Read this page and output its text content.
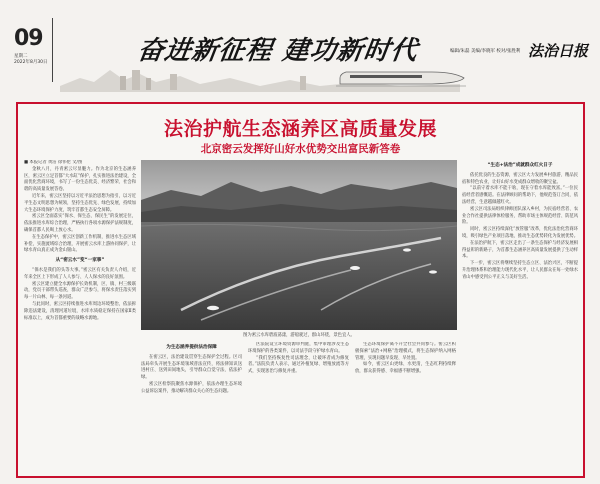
09
星期二
2022年8月30日	奋进新征程 建功新时代	编辑/朱磊 美编/李晓军 校对/张胜利 法治日报
法治护航生态涵养区高质量发展
北京密云发挥好山好水优势交出富民新答卷

■ 本报记者 黄洁 徐伟伦 文/图

金秋八月，丹青密云尽显魅力。作为北京的生态涵养区，密云区立足首都“大水缸”保护，扎实推进法治建设，全面优化营商环境，书写了一份生态优美、经济繁荣、社会和谐的高质量发展答卷。

近年来，密云区坚持以习近平法治思想为指引，以习近平生态文明思想为统领，坚持生态优先、绿色发展，持续加大生态环境保护力度，筑牢首都生态安全屏障。

密云区全面落实“保水、保生态、保民生”的发展定位，依法推进水库综合治理，严格执行各项水源保护法规制度，确保首都人民喝上放心水。

在生态保护中，密云区创新工作机制，推进水生态区域补偿，实施流域综合治理，开展密云水库上游协同保护，让绿水青山真正成为金山银山。

从“密云水”变“一家事”

“保水是我们的头等大事。”密云区有关负责人介绍，近年来全区上下形成了人人参与、人人保水的良好氛围。

密云区建立健全水源保护长效机制，区、镇、村三级联动，党员干部带头巡查，群众广泛参与，将保水责任落实到每一片山林、每一条河道。

与此同时，密云区持续推进水库周边环境整治，依法拆除违法建设，清理河道垃圾，水库水质稳定保持在国家Ⅱ类标准以上，成为首都重要的战略水源地。

图为密云水库碧波荡漾，游船驶过，群山环绕，景色宜人。

为生态涵养提供法治保障

在密云区，法治建设贯穿生态保护全过程。区司法局牵头开展生态环境领域普法宣传，将法律知识送进村庄、送到田间地头，引导群众自觉守法、依法护绿。

密云区检察院聚焦水源保护，依法办理生态环境公益诉讼案件，推动解决群众关心的生态问题。

区法院设立环境资源审判庭，集中审理涉及生态环境保护的各类案件，以司法手段守护绿水青山。

“我们坚持恢复性司法理念，让破坏者成为修复者。”法院负责人表示，通过补植复绿、增殖放流等方式，实现惩治与修复并重。

生态环境保护离不开全社会共同参与。密云区积极探索“法治+网格”治理模式，将生态保护纳入网格管理，实现问题早发现、早处置。

如今，密云区山更绿、水更清，生态红利持续释放，群众获得感、幸福感不断增强。

“生态+法治”成就群众红火日子

依托优良的生态资源，密云区大力发展乡村旅游、精品民宿和特色农业，让好山好水变成群众增收的聚宝盆。

“以前守着水库不能干啥，现在守着水库能致富。”一位民宿经营者感慨道。在法律顾问的帮助下，他规范签订合同，依法经营，生意越做越红火。

密云区司法局组织律师团队深入乡村，为民宿经营者、农业合作社提供法律体检服务，帮助市场主体规范经营、防范风险。

同时，密云区持续深化“放管服”改革，优化法治化营商环境，吸引绿色产业项目落地，推动生态优势转化为发展优势。

在法治护航下，密云区走出了一条生态保护与经济发展相得益彰的新路子，为首都生态涵养区高质量发展提供了生动样本。

下一步，密云区将继续坚持生态立区、法治兴区，不断提升治理体系和治理能力现代化水平，让人民群众在每一处绿水青山中感受到公平正义与美好生活。
